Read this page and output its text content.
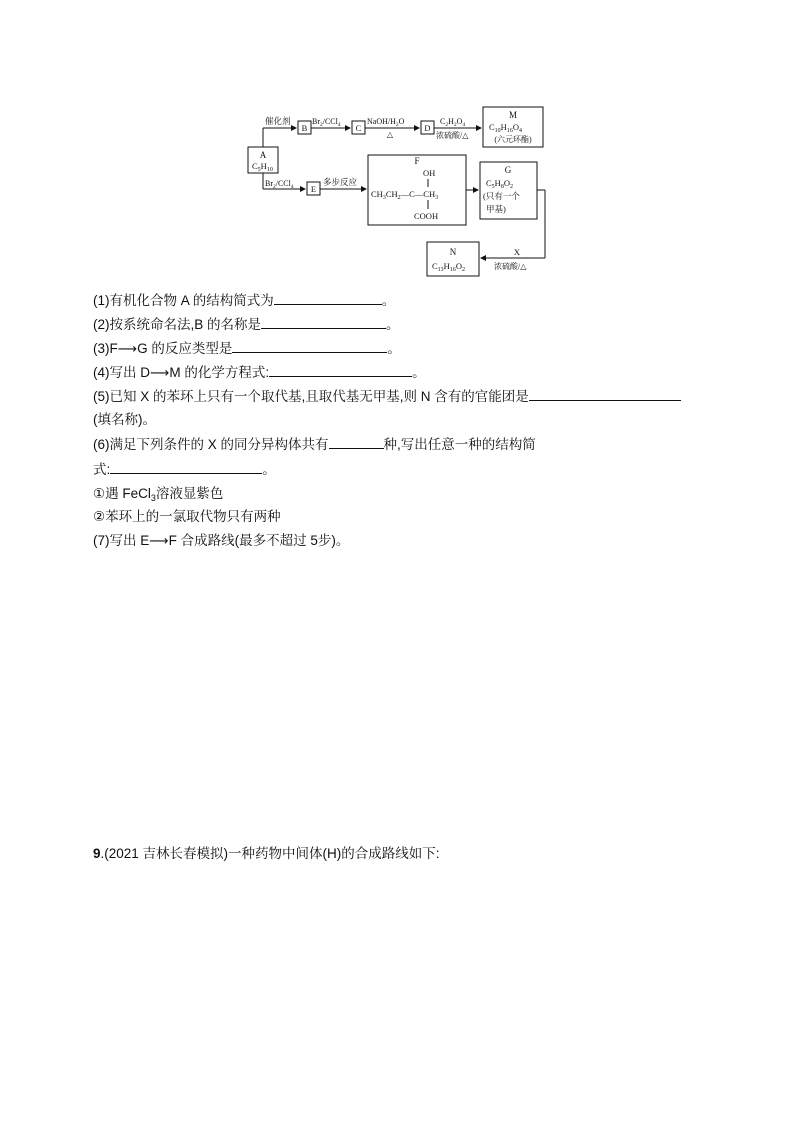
A
$C_5H_{10}$
催化剂
B
$Br_2/CCl_4$ C
NaOH/$H_2O$
△
D
$C_2H_2O_4$
浓硫酸/△
M
$C_{10}H_{16}O_4$
(六元环酯)
$Br_2/CCl_4$ E
多步反应
F
OH
$CH_3CH_2—C—CH_3$
COOH
G
$C_5H_8O_2$
(只有一个
甲基)
X
浓硫酸/△
N
$C_{13}H_{16}O_2$
(1)有机化合物 A 的结构简式为	。
(2)按系统命名法,B 的名称是	。
(3)F⟶G 的反应类型是	。
(4)写出 D⟶M 的化学方程式:	。
(5)已知 X 的苯环上只有一个取代基,且取代基无甲基,则 N 含有的官能团是
(填名称)。
(6)满足下列条件的 X 的同分异构体共有	种,写出任意一种的结构简
式:	。
①遇 FeCl$_3$溶液显紫色
②苯环上的一氯取代物只有两种
(7)写出 E⟶F 合成路线(最多不超过 5步)。
9.(2021 吉林长春模拟)一种药物中间体(H)的合成路线如下:
